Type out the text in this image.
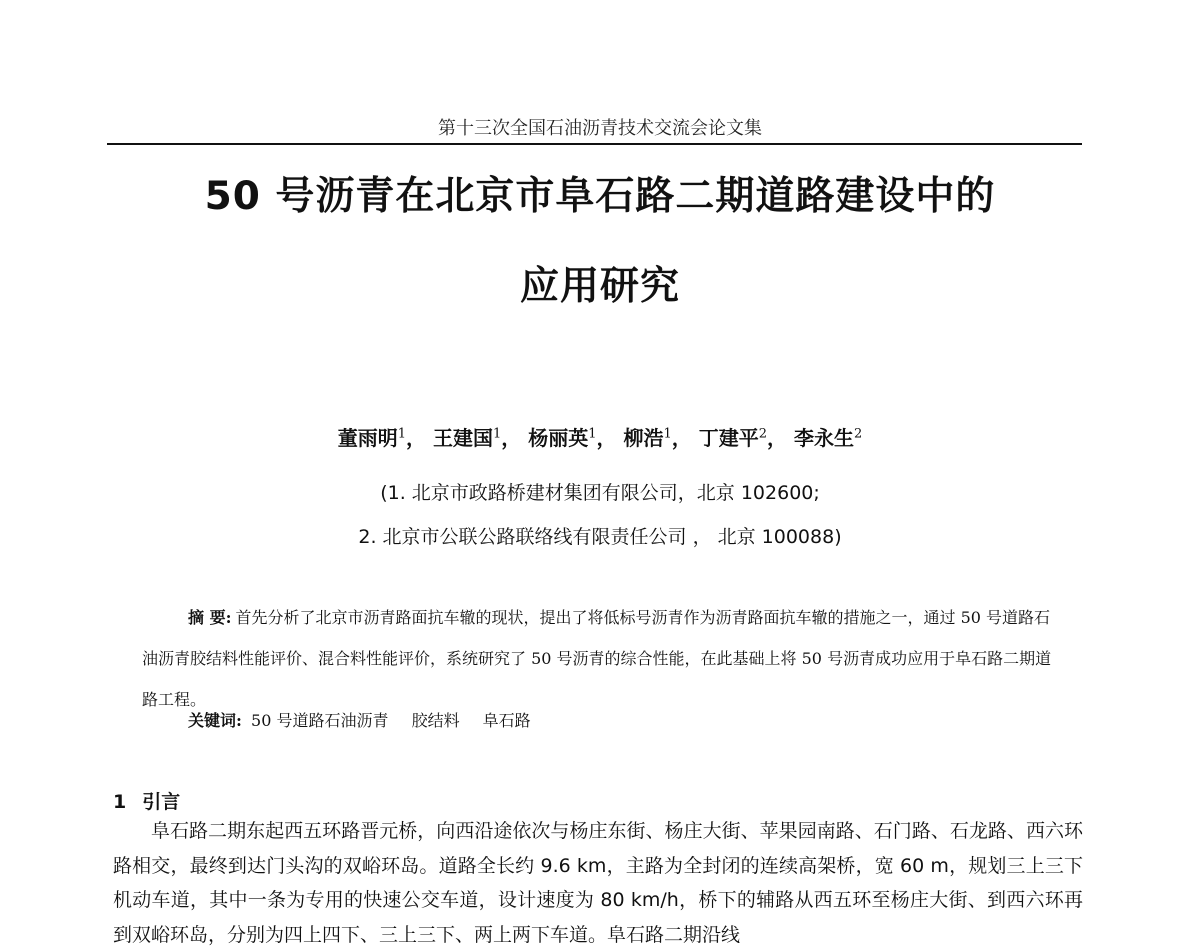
第十三次全国石油沥青技术交流会论文集
50 号沥青在北京市阜石路二期道路建设中的
应用研究
董雨明$^1$， 王建国$^1$， 杨丽英$^1$， 柳浩$^1$， 丁建平$^2$， 李永生$^2$
(1. 北京市政路桥建材集团有限公司，北京 102600;
2. 北京市公联公路联络线有限责任公司 ， 北京 100088)
摘 要: 首先分析了北京市沥青路面抗车辙的现状，提出了将低标号沥青作为沥青路面抗车辙的措施之一，通过 50 号道路石油沥青胶结料性能评价、混合料性能评价，系统研究了 50 号沥青的综合性能，在此基础上将 50 号沥青成功应用于阜石路二期道路工程。
关键词: 50 号道路石油沥青 胶结料 阜石路
1 引言
阜石路二期东起西五环路晋元桥，向西沿途依次与杨庄东街、杨庄大街、苹果园南路、石门路、石龙路、西六环路相交，最终到达门头沟的双峪环岛。道路全长约 9.6 km，主路为全封闭的连续高架桥，宽 60 m，规划三上三下机动车道，其中一条为专用的快速公交车道，设计速度为 80 km/h，桥下的辅路从西五环至杨庄大街、到西六环再到双峪环岛，分别为四上四下、三上三下、两上两下车道。阜石路二期沿线
